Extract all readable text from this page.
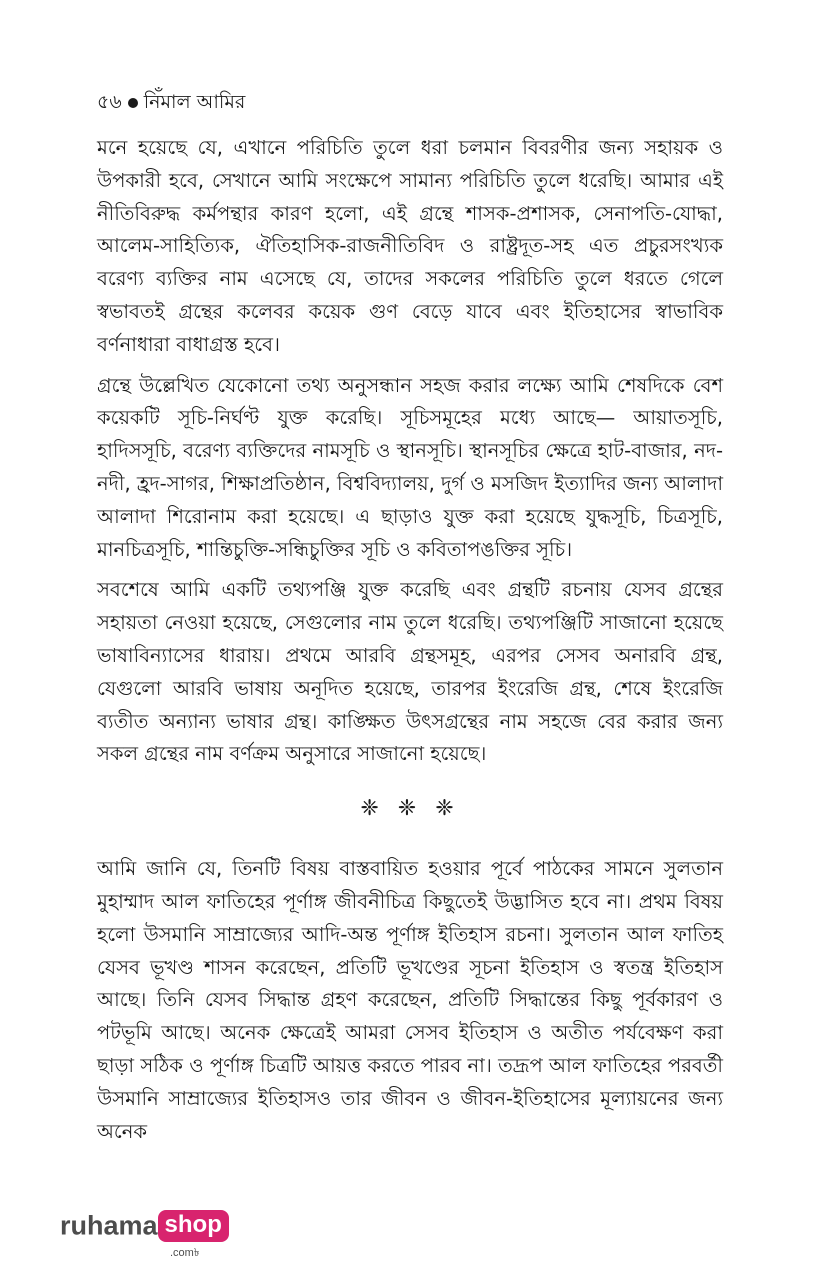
৫৬ নিঁমাল আমির

মনে হয়েছে যে, এখানে পরিচিতি তুলে ধরা চলমান বিবরণীর জন্য সহায়ক ও উপকারী হবে, সেখানে আমি সংক্ষেপে সামান্য পরিচিতি তুলে ধরেছি। আমার এই নীতিবিরুদ্ধ কর্মপন্থার কারণ হলো, এই গ্রন্থে শাসক-প্রশাসক, সেনাপতি-যোদ্ধা, আলেম-সাহিত্যিক, ঐতিহাসিক-রাজনীতিবিদ ও রাষ্ট্রদূত-সহ এত প্রচুরসংখ্যক বরেণ্য ব্যক্তির নাম এসেছে যে, তাদের সকলের পরিচিতি তুলে ধরতে গেলে স্বভাবতই গ্রন্থের কলেবর কয়েক গুণ বেড়ে যাবে এবং ইতিহাসের স্বাভাবিক বর্ণনাধারা বাধাগ্রস্ত হবে।

গ্রন্থে উল্লেখিত যেকোনো তথ্য অনুসন্ধান সহজ করার লক্ষ্যে আমি শেষদিকে বেশ কয়েকটি সূচি-নির্ঘণ্ট যুক্ত করেছি। সূচিসমূহের মধ্যে আছে— আয়াতসূচি, হাদিসসূচি, বরেণ্য ব্যক্তিদের নামসূচি ও স্থানসূচি। স্থানসূচির ক্ষেত্রে হাট-বাজার, নদ-নদী, হ্রদ-সাগর, শিক্ষাপ্রতিষ্ঠান, বিশ্ববিদ্যালয়, দুর্গ ও মসজিদ ইত্যাদির জন্য আলাদা আলাদা শিরোনাম করা হয়েছে। এ ছাড়াও যুক্ত করা হয়েছে যুদ্ধসূচি, চিত্রসূচি, মানচিত্রসূচি, শান্তিচুক্তি-সন্ধিচুক্তির সূচি ও কবিতাপঙক্তির সূচি।

সবশেষে আমি একটি তথ্যপঞ্জি যুক্ত করেছি এবং গ্রন্থটি রচনায় যেসব গ্রন্থের সহায়তা নেওয়া হয়েছে, সেগুলোর নাম তুলে ধরেছি। তথ্যপঞ্জিটি সাজানো হয়েছে ভাষাবিন্যাসের ধারায়। প্রথমে আরবি গ্রন্থসমূহ, এরপর সেসব অনারবি গ্রন্থ, যেগুলো আরবি ভাষায় অনূদিত হয়েছে, তারপর ইংরেজি গ্রন্থ, শেষে ইংরেজি ব্যতীত অন্যান্য ভাষার গ্রন্থ। কাঙ্ক্ষিত উৎসগ্রন্থের নাম সহজে বের করার জন্য সকল গ্রন্থের নাম বর্ণক্রম অনুসারে সাজানো হয়েছে।

❈ ❈ ❈

আমি জানি যে, তিনটি বিষয় বাস্তবায়িত হওয়ার পূর্বে পাঠকের সামনে সুলতান মুহাম্মাদ আল ফাতিহের পূর্ণাঙ্গ জীবনীচিত্র কিছুতেই উদ্ভাসিত হবে না। প্রথম বিষয় হলো উসমানি সাম্রাজ্যের আদি-অন্ত পূর্ণাঙ্গ ইতিহাস রচনা। সুলতান আল ফাতিহ যেসব ভূখণ্ড শাসন করেছেন, প্রতিটি ভূখণ্ডের সূচনা ইতিহাস ও স্বতন্ত্র ইতিহাস আছে। তিনি যেসব সিদ্ধান্ত গ্রহণ করেছেন, প্রতিটি সিদ্ধান্তের কিছু পূর্বকারণ ও পটভূমি আছে। অনেক ক্ষেত্রেই আমরা সেসব ইতিহাস ও অতীত পর্যবেক্ষণ করা ছাড়া সঠিক ও পূর্ণাঙ্গ চিত্রটি আয়ত্ত করতে পারব না। তদ্রূপ আল ফাতিহের পরবর্তী উসমানি সাম্রাজ্যের ইতিহাসও তার জীবন ও জীবন-ইতিহাসের মূল্যায়নের জন্য অনেক

ruhama shop
.com৳
